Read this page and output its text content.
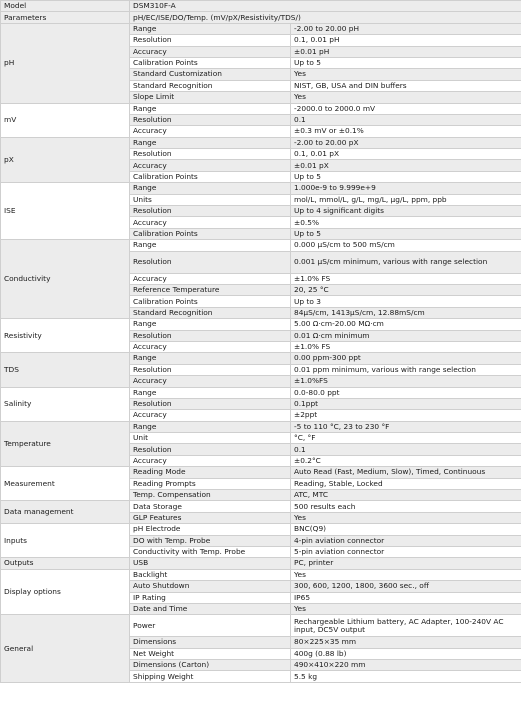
Model	DSM310F-A	
Parameters	pH/EC/ISE/DO/Temp. (mV/pX/Resistivity/TDS/)	
pH	Range	-2.00 to 20.00 pH
	Resolution	0.1, 0.01 pH
	Accuracy	±0.01 pH
	Calibration Points	Up to 5
	Standard Customization	Yes
	Standard Recognition	NIST, GB, USA and DIN buffers
	Slope Limit	Yes
mV	Range	-2000.0 to 2000.0 mV
	Resolution	0.1
	Accuracy	±0.3 mV or ±0.1%
pX	Range	-2.00 to 20.00 pX
	Resolution	0.1, 0.01 pX
	Accuracy	±0.01 pX
	Calibration Points	Up to 5
ISE	Range	1.000e-9 to 9.999e+9
	Units	mol/L, mmol/L, g/L, mg/L, μg/L, ppm, ppb
	Resolution	Up to 4 significant digits
	Accuracy	±0.5%
	Calibration Points	Up to 5
Conductivity	Range	0.000 μS/cm to 500 mS/cm
	Resolution	0.001 μS/cm minimum, various with range selection
	Accuracy	±1.0% FS
	Reference Temperature	20, 25 °C
	Calibration Points	Up to 3
	Standard Recognition	84μS/cm, 1413μS/cm, 12.88mS/cm
Resistivity	Range	5.00 Ω·cm-20.00 MΩ·cm
	Resolution	0.01 Ω·cm minimum
	Accuracy	±1.0% FS
TDS	Range	0.00 ppm-300 ppt
	Resolution	0.01 ppm minimum, various with range selection
	Accuracy	±1.0%FS
Salinity	Range	0.0-80.0 ppt
	Resolution	0.1ppt
	Accuracy	±2ppt
Temperature	Range	-5 to 110 °C, 23 to 230 °F
	Unit	°C, °F
	Resolution	0.1
	Accuracy	±0.2°C
Measurement	Reading Mode	Auto Read (Fast, Medium, Slow), Timed, Continuous
	Reading Prompts	Reading, Stable, Locked
	Temp. Compensation	ATC, MTC
Data management	Data Storage	500 results each
	GLP Features	Yes
Inputs	pH Electrode	BNC(Q9)
	DO with Temp. Probe	4-pin aviation connector
	Conductivity with Temp. Probe	5-pin aviation connector
Outputs	USB	PC, printer
Display options	Backlight	Yes
	Auto Shutdown	300, 600, 1200, 1800, 3600 sec., off
	IP Rating	IP65
	Date and Time	Yes
General	Power	Rechargeable Lithium battery, AC Adapter, 100-240V AC input, DC5V output
	Dimensions	80×225×35 mm
	Net Weight	400g (0.88 lb)
	Dimensions (Carton)	490×410×220 mm
	Shipping Weight	5.5 kg
